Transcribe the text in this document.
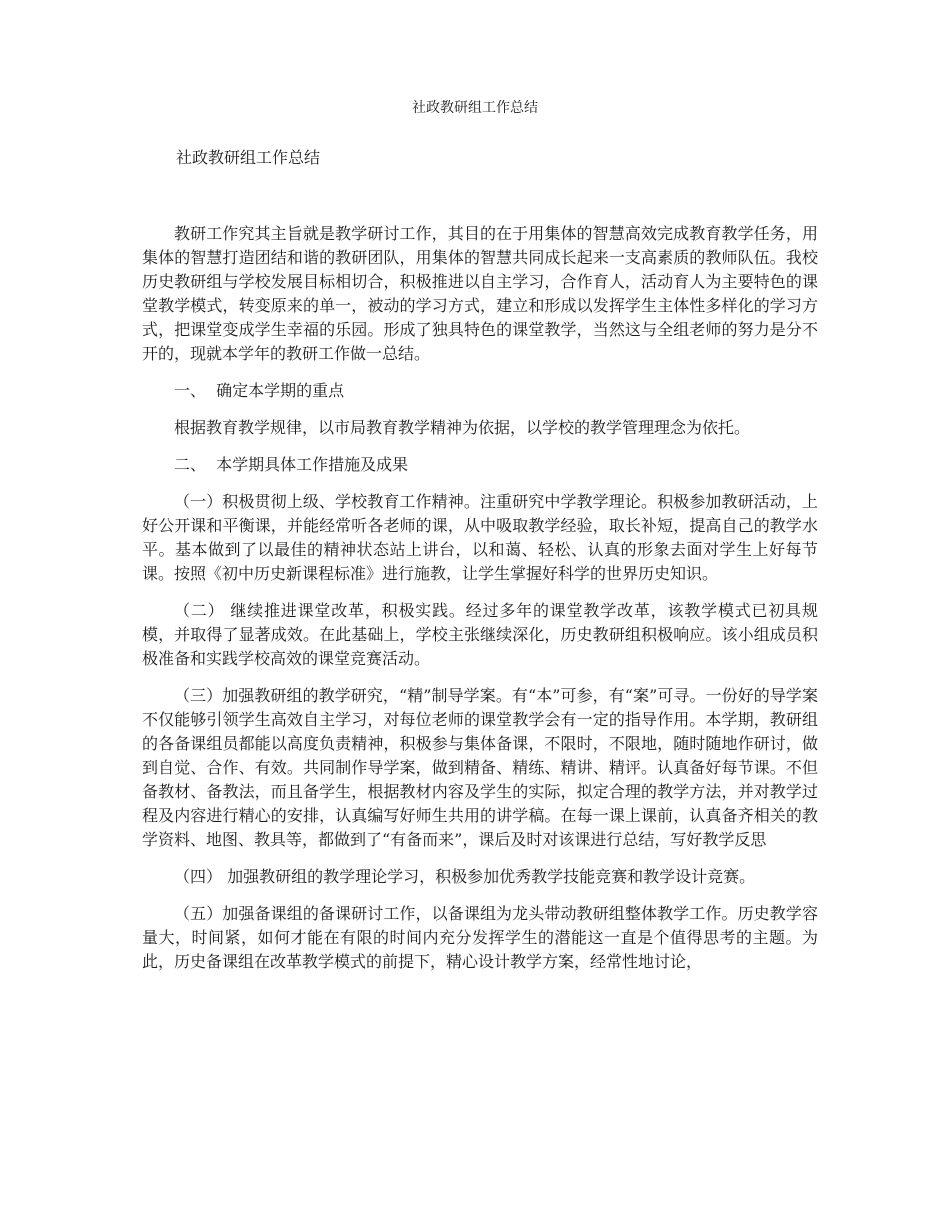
社政教研组工作总结
社政教研组工作总结

教研工作究其主旨就是教学研讨工作，其目的在于用集体的智慧高效完成教育教学任务，用集体的智慧打造团结和谐的教研团队，用集体的智慧共同成长起来一支高素质的教师队伍。我校历史教研组与学校发展目标相切合，积极推进以自主学习，合作育人，活动育人为主要特色的课堂教学模式，转变原来的单一，被动的学习方式，建立和形成以发挥学生主体性多样化的学习方式，把课堂变成学生幸福的乐园。形成了独具特色的课堂教学，当然这与全组老师的努力是分不开的，现就本学年的教研工作做一总结。

一、  确定本学期的重点

根据教育教学规律，以市局教育教学精神为依据，以学校的教学管理理念为依托。

二、  本学期具体工作措施及成果

（一）积极贯彻上级、学校教育工作精神。注重研究中学教学理论。积极参加教研活动，上好公开课和平衡课，并能经常听各老师的课，从中吸取教学经验，取长补短，提高自己的教学水平。基本做到了以最佳的精神状态站上讲台，以和蔼、轻松、认真的形象去面对学生上好每节课。按照《初中历史新课程标准》进行施教，让学生掌握好科学的世界历史知识。

（二） 继续推进课堂改革，积极实践。经过多年的课堂教学改革，该教学模式已初具规模，并取得了显著成效。在此基础上，学校主张继续深化，历史教研组积极响应。该小组成员积极准备和实践学校高效的课堂竞赛活动。

（三）加强教研组的教学研究，“精”制导学案。有“本”可参，有“案”可寻。一份好的导学案不仅能够引领学生高效自主学习，对每位老师的课堂教学会有一定的指导作用。本学期，教研组的各备课组员都能以高度负责精神，积极参与集体备课，不限时，不限地，随时随地作研讨，做到自觉、合作、有效。共同制作导学案，做到精备、精练、精讲、精评。认真备好每节课。不但备教材、备教法，而且备学生，根据教材内容及学生的实际，拟定合理的教学方法，并对教学过程及内容进行精心的安排，认真编写好师生共用的讲学稿。在每一课上课前，认真备齐相关的教学资料、地图、教具等，都做到了“有备而来”，课后及时对该课进行总结，写好教学反思

（四） 加强教研组的教学理论学习，积极参加优秀教学技能竞赛和教学设计竞赛。

（五）加强备课组的备课研讨工作，以备课组为龙头带动教研组整体教学工作。历史教学容量大，时间紧，如何才能在有限的时间内充分发挥学生的潜能这一直是个值得思考的主题。为此，历史备课组在改革教学模式的前提下，精心设计教学方案，经常性地讨论，
